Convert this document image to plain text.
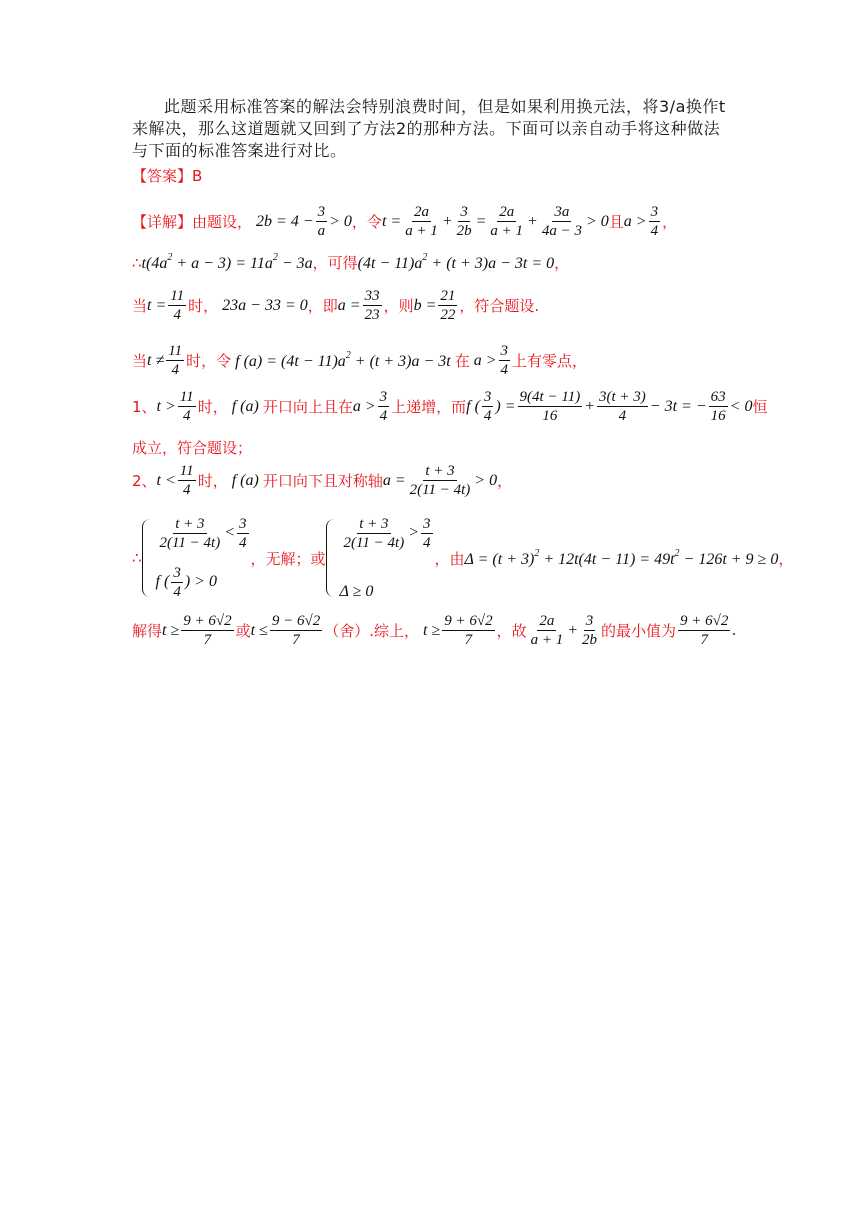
此题采用标准答案的解法会特别浪费时间，但是如果利用换元法，将3/a换作t来解决，那么这道题就又回到了方法2的那种方法。下面可以亲自动手将这种做法与下面的标准答案进行对比。
【答案】B
【详解】 由题设， $2b = 4 - \frac{3}{a} > 0$ ，令 $t = \frac{2a}{a + 1} + \frac{3}{2b} = \frac{2a}{a + 1} + \frac{3a}{4a - 3} > 0$ 且 $a > \frac{3}{4}$ ，
∴ $t(4a^2 + a - 3) = 11a^2 - 3a$ ，可得 $(4t - 11)a^2 + (t + 3)a - 3t = 0$ ，
当 $t = \frac{11}{4}$ 时， 23a − 33 = 0 ，即 $a = \frac{33}{23}$ ，则 $b = \frac{21}{22}$ ，符合题设.
当 $t \ne \frac{11}{4}$ 时，令 f $(a) = (4t - 11)a^2 + (t + 3)a - 3t$ 在 $a > \frac{3}{4}$ 上有零点，
1、 $t > \frac{11}{4}$ 时， f (a) 开口向上且在 $a > \frac{3}{4}$ 上递增，而 f ( $\frac{3}{4}$ ) = $\frac{9(4t - 11)}{16} + \frac{3(t + 3)}{4} - 3t$ = − $\frac{63}{16} < 0$ 恒
成立，符合题设；
2、 $t < \frac{11}{4}$ 时， f (a) 开口向下且对称轴 $a = \frac{t + 3}{2(11 - 4t)} > 0$ ，
∴
$\frac{t + 3}{2(11 - 4t)} < \frac{3}{4}$
f ( $\frac{3}{4}$ ) > 0
，无解；或
$\frac{t + 3}{2(11 - 4t)} > \frac{3}{4}$
Δ ≥ 0
，由 $\Delta = (t + 3)^2 + 12t(4t - 11) = 49t^2 - 126t + 9 \ge 0$ ，
解得 $t \ge \frac{9 + 6√2}{7}$ 或 $t \le \frac{9 - 6√2}{7}$ （舍）.综上， $t \ge \frac{9 + 6√2}{7}$ ，故 $\frac{2a}{a + 1} + \frac{3}{2b}$ 的最小值为 $\frac{9 + 6√2}{7}$ .
